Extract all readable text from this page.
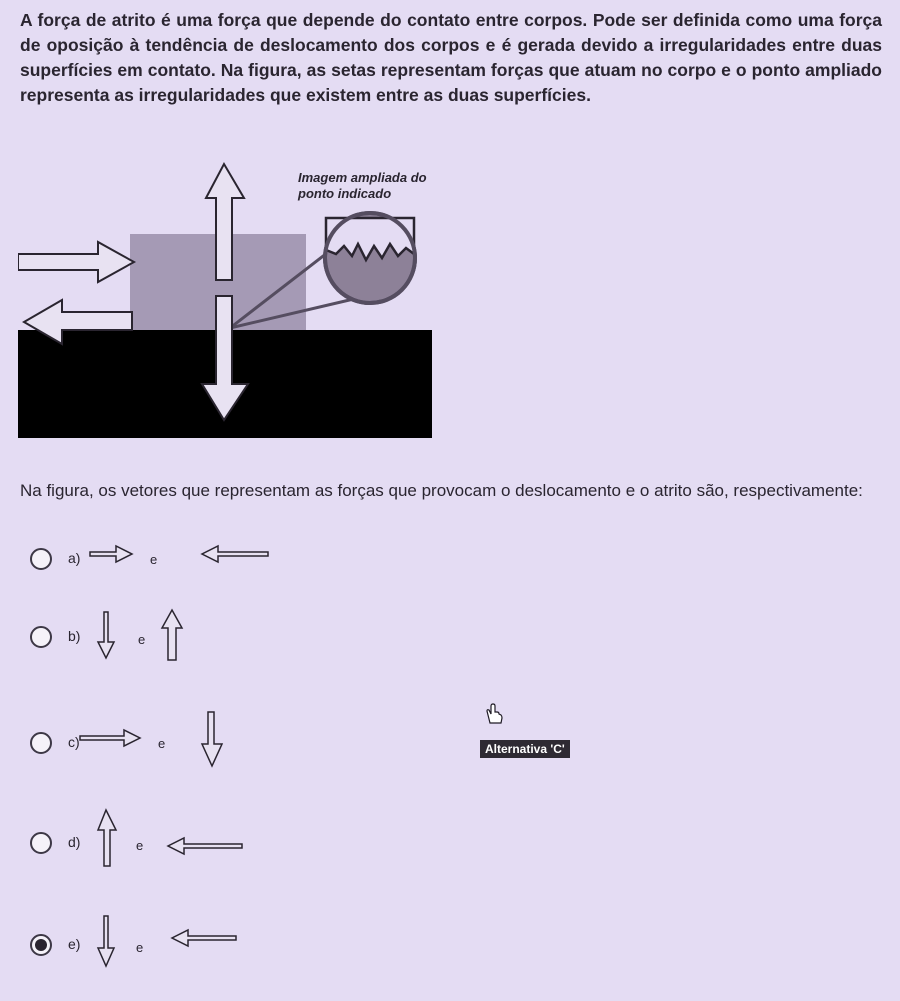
A força de atrito é uma força que depende do contato entre corpos. Pode ser definida como uma força de oposição à tendência de deslocamento dos corpos e é gerada devido a irregularidades entre duas superfícies em contato. Na figura, as setas representam forças que atuam no corpo e o ponto ampliado representa as irregularidades que existem entre as duas superfícies.
Imagem ampliada do
ponto indicado
Na figura, os vetores que representam as forças que provocam o deslocamento e o atrito são, respectivamente:
a)	e
b)	e
c)	e
d)	e
e)	e
Alternativa 'C'
